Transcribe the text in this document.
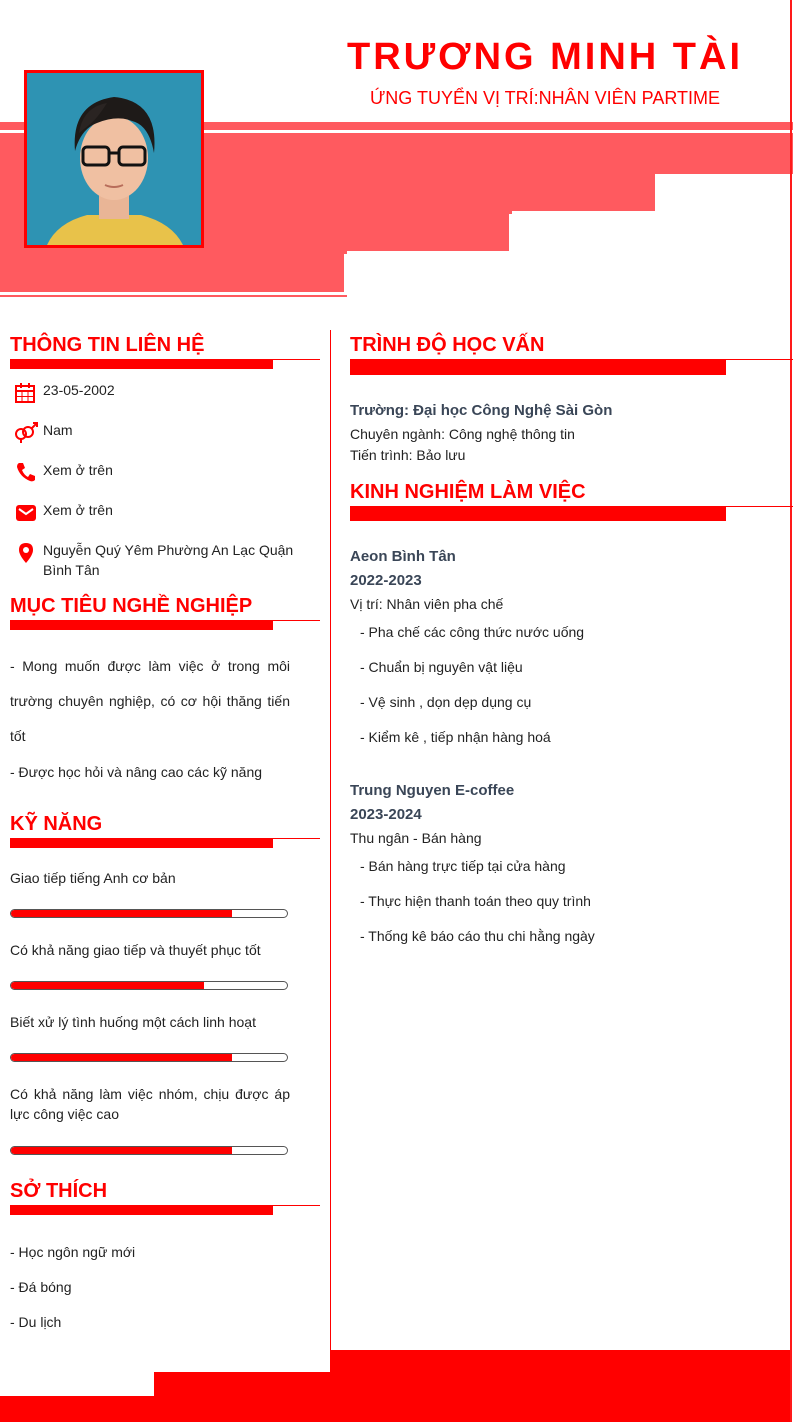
TRƯƠNG MINH TÀI
ỨNG TUYỂN VỊ TRÍ:NHÂN VIÊN PARTIME
THÔNG TIN LIÊN HỆ
23-05-2002
Nam
Xem ở trên
Xem ở trên
Nguyễn Quý Yêm Phường An Lạc Quận Bình Tân
MỤC TIÊU NGHỀ NGHIỆP
- Mong muốn được làm việc ở trong môi trường chuyên nghiệp, có cơ hội thăng tiến tốt
- Được học hỏi và nâng cao các kỹ năng
KỸ NĂNG
Giao tiếp tiếng Anh cơ bản
Có khả năng giao tiếp và thuyết phục tốt
Biết xử lý tình huống một cách linh hoạt
Có khả năng làm việc nhóm, chịu được áp lực công việc cao
SỞ THÍCH
- Học ngôn ngữ mới
- Đá bóng
- Du lịch
TRÌNH ĐỘ HỌC VẤN
Trường: Đại học Công Nghệ Sài Gòn
Chuyên ngành: Công nghệ thông tin
Tiến trình: Bảo lưu
KINH NGHIỆM LÀM VIỆC
Aeon Bình Tân
2022-2023
Vị trí: Nhân viên pha chế
- Pha chế các công thức nước uống
- Chuẩn bị nguyên vật liệu
- Vệ sinh , dọn dẹp dụng cụ
- Kiểm kê , tiếp nhận hàng hoá
Trung Nguyen E-coffee
2023-2024
Thu ngân - Bán hàng
- Bán hàng trực tiếp tại cửa hàng
- Thực hiện thanh toán theo quy trình
- Thống kê báo cáo thu chi hằng ngày
